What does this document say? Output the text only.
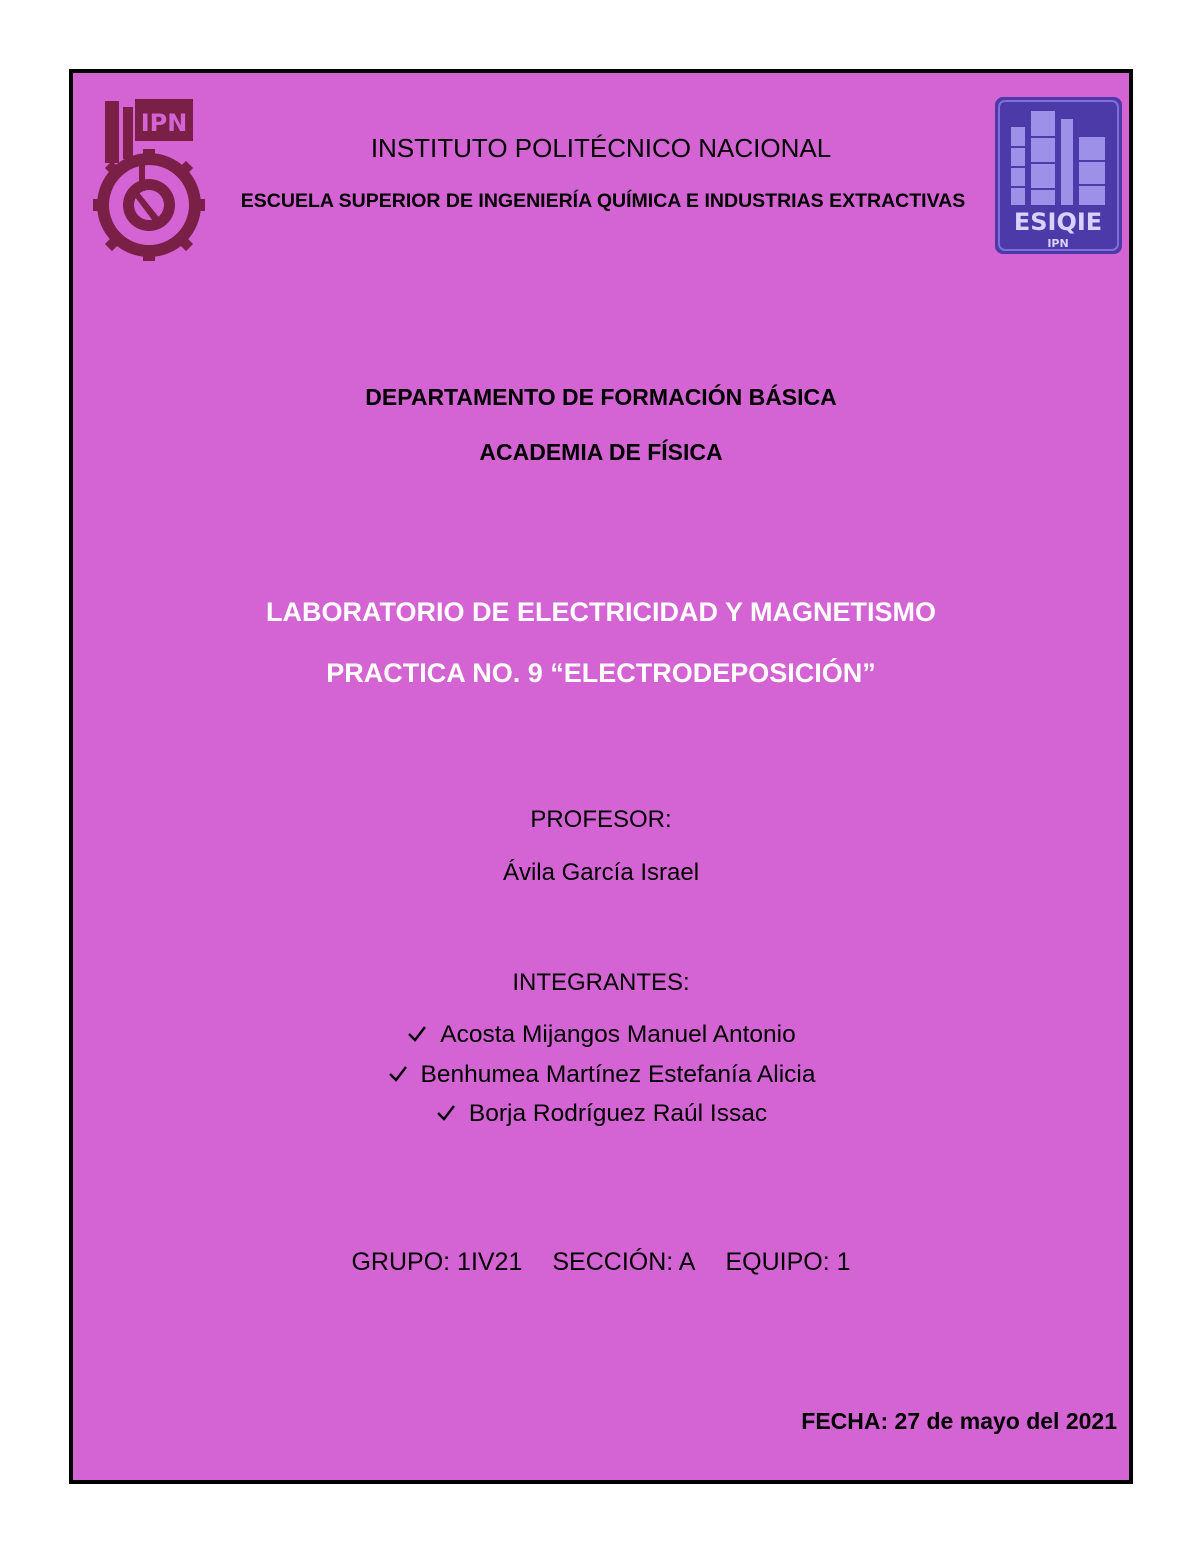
IPN
ESIQIE
IPN
INSTITUTO POLITÉCNICO NACIONAL
ESCUELA SUPERIOR DE INGENIERÍA QUÍMICA E INDUSTRIAS EXTRACTIVAS
DEPARTAMENTO DE FORMACIÓN BÁSICA
ACADEMIA DE FÍSICA
LABORATORIO DE ELECTRICIDAD Y MAGNETISMO
PRACTICA NO. 9 “ELECTRODEPOSICIÓN”
PROFESOR:
Ávila García Israel
INTEGRANTES:
Acosta Mijangos Manuel Antonio
Benhumea Martínez Estefanía Alicia
Borja Rodríguez Raúl Issac
GRUPO: 1IV21 SECCIÓN: A EQUIPO: 1
FECHA: 27 de mayo del 2021
